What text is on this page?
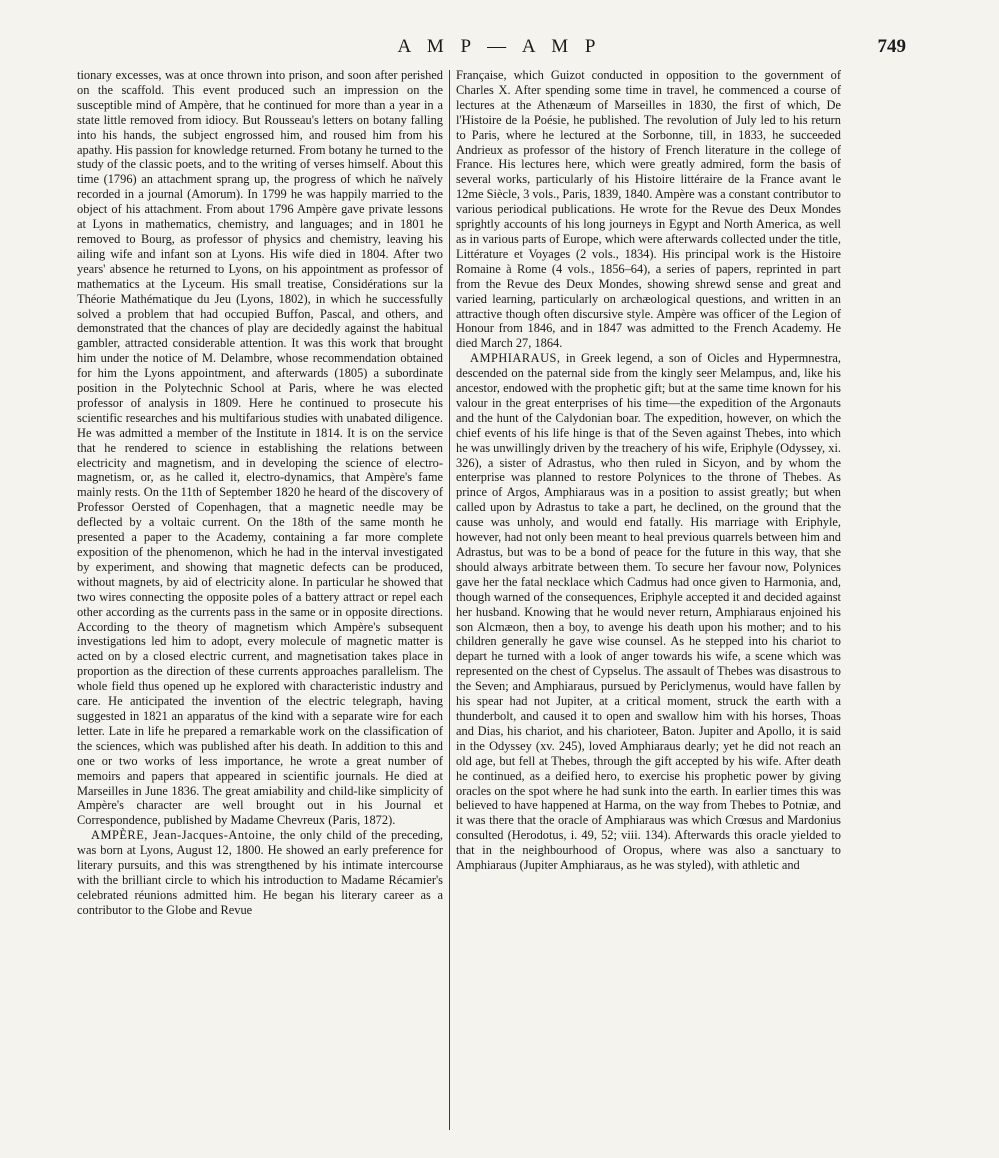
A M P — A M P	749

tionary excesses, was at once thrown into prison, and soon after perished on the scaffold. This event produced such an impression on the susceptible mind of Ampère, that he continued for more than a year in a state little removed from idiocy. But Rousseau's letters on botany falling into his hands, the subject engrossed him, and roused him from his apathy. His passion for knowledge returned. From botany he turned to the study of the classic poets, and to the writing of verses himself. About this time (1796) an attachment sprang up, the progress of which he naïvely recorded in a journal (Amorum). In 1799 he was happily married to the object of his attachment. From about 1796 Ampère gave private lessons at Lyons in mathematics, chemistry, and languages; and in 1801 he removed to Bourg, as professor of physics and chemistry, leaving his ailing wife and infant son at Lyons. His wife died in 1804. After two years' absence he returned to Lyons, on his appointment as professor of mathematics at the Lyceum. His small treatise, Considérations sur la Théorie Mathématique du Jeu (Lyons, 1802), in which he successfully solved a problem that had occupied Buffon, Pascal, and others, and demonstrated that the chances of play are decidedly against the habitual gambler, attracted considerable attention. It was this work that brought him under the notice of M. Delambre, whose recommendation obtained for him the Lyons appointment, and afterwards (1805) a subordinate position in the Polytechnic School at Paris, where he was elected professor of analysis in 1809. Here he continued to prosecute his scientific researches and his multifarious studies with unabated diligence. He was admitted a member of the Institute in 1814. It is on the service that he rendered to science in establishing the relations between electricity and magnetism, and in developing the science of electro-magnetism, or, as he called it, electro-dynamics, that Ampère's fame mainly rests. On the 11th of September 1820 he heard of the discovery of Professor Oersted of Copenhagen, that a magnetic needle may be deflected by a voltaic current. On the 18th of the same month he presented a paper to the Academy, containing a far more complete exposition of the phenomenon, which he had in the interval investigated by experiment, and showing that magnetic defects can be produced, without magnets, by aid of electricity alone. In particular he showed that two wires connecting the opposite poles of a battery attract or repel each other according as the currents pass in the same or in opposite directions. According to the theory of magnetism which Ampère's subsequent investigations led him to adopt, every molecule of magnetic matter is acted on by a closed electric current, and magnetisation takes place in proportion as the direction of these currents approaches parallelism. The whole field thus opened up he explored with characteristic industry and care. He anticipated the invention of the electric telegraph, having suggested in 1821 an apparatus of the kind with a separate wire for each letter. Late in life he prepared a remarkable work on the classification of the sciences, which was published after his death. In addition to this and one or two works of less importance, he wrote a great number of memoirs and papers that appeared in scientific journals. He died at Marseilles in June 1836. The great amiability and child-like simplicity of Ampère's character are well brought out in his Journal et Correspondence, published by Madame Chevreux (Paris, 1872).

AMPÈRE, Jean-Jacques-Antoine, the only child of the preceding, was born at Lyons, August 12, 1800. He showed an early preference for literary pursuits, and this was strengthened by his intimate intercourse with the brilliant circle to which his introduction to Madame Récamier's celebrated réunions admitted him. He began his literary career as a contributor to the Globe and Revue

Française, which Guizot conducted in opposition to the government of Charles X. After spending some time in travel, he commenced a course of lectures at the Athenæum of Marseilles in 1830, the first of which, De l'Histoire de la Poésie, he published. The revolution of July led to his return to Paris, where he lectured at the Sorbonne, till, in 1833, he succeeded Andrieux as professor of the history of French literature in the college of France. His lectures here, which were greatly admired, form the basis of several works, particularly of his Histoire littéraire de la France avant le 12me Siècle, 3 vols., Paris, 1839, 1840. Ampère was a constant contributor to various periodical publications. He wrote for the Revue des Deux Mondes sprightly accounts of his long journeys in Egypt and North America, as well as in various parts of Europe, which were afterwards collected under the title, Littérature et Voyages (2 vols., 1834). His principal work is the Histoire Romaine à Rome (4 vols., 1856–64), a series of papers, reprinted in part from the Revue des Deux Mondes, showing shrewd sense and great and varied learning, particularly on archæological questions, and written in an attractive though often discursive style. Ampère was officer of the Legion of Honour from 1846, and in 1847 was admitted to the French Academy. He died March 27, 1864.

AMPHIARAUS, in Greek legend, a son of Oicles and Hypermnestra, descended on the paternal side from the kingly seer Melampus, and, like his ancestor, endowed with the prophetic gift; but at the same time known for his valour in the great enterprises of his time—the expedition of the Argonauts and the hunt of the Calydonian boar. The expedition, however, on which the chief events of his life hinge is that of the Seven against Thebes, into which he was unwillingly driven by the treachery of his wife, Eriphyle (Odyssey, xi. 326), a sister of Adrastus, who then ruled in Sicyon, and by whom the enterprise was planned to restore Polynices to the throne of Thebes. As prince of Argos, Amphiaraus was in a position to assist greatly; but when called upon by Adrastus to take a part, he declined, on the ground that the cause was unholy, and would end fatally. His marriage with Eriphyle, however, had not only been meant to heal previous quarrels between him and Adrastus, but was to be a bond of peace for the future in this way, that she should always arbitrate between them. To secure her favour now, Polynices gave her the fatal necklace which Cadmus had once given to Harmonia, and, though warned of the consequences, Eriphyle accepted it and decided against her husband. Knowing that he would never return, Amphiaraus enjoined his son Alcmæon, then a boy, to avenge his death upon his mother; and to his children generally he gave wise counsel. As he stepped into his chariot to depart he turned with a look of anger towards his wife, a scene which was represented on the chest of Cypselus. The assault of Thebes was disastrous to the Seven; and Amphiaraus, pursued by Periclymenus, would have fallen by his spear had not Jupiter, at a critical moment, struck the earth with a thunderbolt, and caused it to open and swallow him with his horses, Thoas and Dias, his chariot, and his charioteer, Baton. Jupiter and Apollo, it is said in the Odyssey (xv. 245), loved Amphiaraus dearly; yet he did not reach an old age, but fell at Thebes, through the gift accepted by his wife. After death he continued, as a deified hero, to exercise his prophetic power by giving oracles on the spot where he had sunk into the earth. In earlier times this was believed to have happened at Harma, on the way from Thebes to Potniæ, and it was there that the oracle of Amphiaraus was which Crœsus and Mardonius consulted (Herodotus, i. 49, 52; viii. 134). Afterwards this oracle yielded to that in the neighbourhood of Oropus, where was also a sanctuary to Amphiaraus (Jupiter Amphiaraus, as he was styled), with athletic and
